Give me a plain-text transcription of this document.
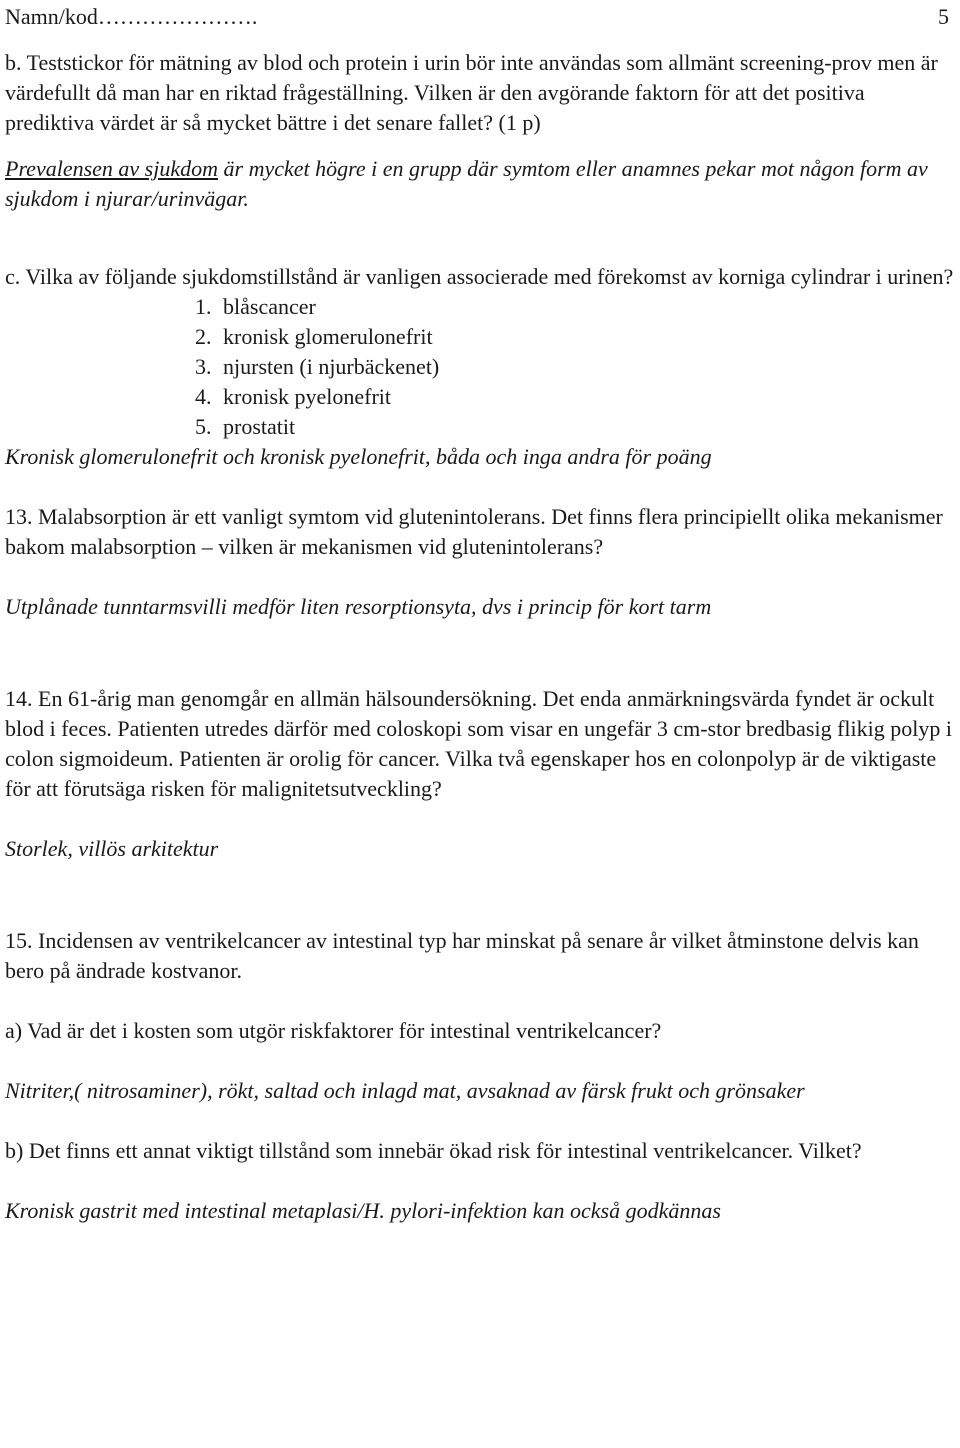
Namn/kod………………….	5

b. Teststickor för mätning av blod och protein i urin bör inte användas som allmänt screening-prov men är värdefullt då man har en riktad frågeställning. Vilken är den avgörande faktorn för att det positiva prediktiva värdet är så mycket bättre i det senare fallet? (1 p)

Prevalensen av sjukdom är mycket högre i en grupp där symtom eller anamnes pekar mot någon form av sjukdom i njurar/urinvägar.

c. Vilka av följande sjukdomstillstånd är vanligen associerade med förekomst av korniga cylindrar i urinen?

1. blåscancer
2. kronisk glomerulonefrit
3. njursten (i njurbäckenet)
4. kronisk pyelonefrit
5. prostatit

Kronisk glomerulonefrit och kronisk pyelonefrit, båda och inga andra för poäng

13. Malabsorption är ett vanligt symtom vid glutenintolerans. Det finns flera principiellt olika mekanismer bakom malabsorption – vilken är mekanismen vid glutenintolerans?

Utplånade tunntarmsvilli medför liten resorptionsyta, dvs i princip för kort tarm

14. En 61-årig man genomgår en allmän hälsoundersökning. Det enda anmärkningsvärda fyndet är ockult blod i feces. Patienten utredes därför med coloskopi som visar en ungefär 3 cm-stor bredbasig flikig polyp i colon sigmoideum. Patienten är orolig för cancer. Vilka två egenskaper hos en colonpolyp är de viktigaste för att förutsäga risken för malignitetsutveckling?

Storlek, villös arkitektur

15. Incidensen av ventrikelcancer av intestinal typ har minskat på senare år vilket åtminstone delvis kan bero på ändrade kostvanor.

a) Vad är det i kosten som utgör riskfaktorer för intestinal ventrikelcancer?

Nitriter,( nitrosaminer), rökt, saltad och inlagd mat, avsaknad av färsk frukt och grönsaker

b) Det finns ett annat viktigt tillstånd som innebär ökad risk för intestinal ventrikelcancer. Vilket?

Kronisk gastrit med intestinal metaplasi/H. pylori-infektion kan också godkännas
